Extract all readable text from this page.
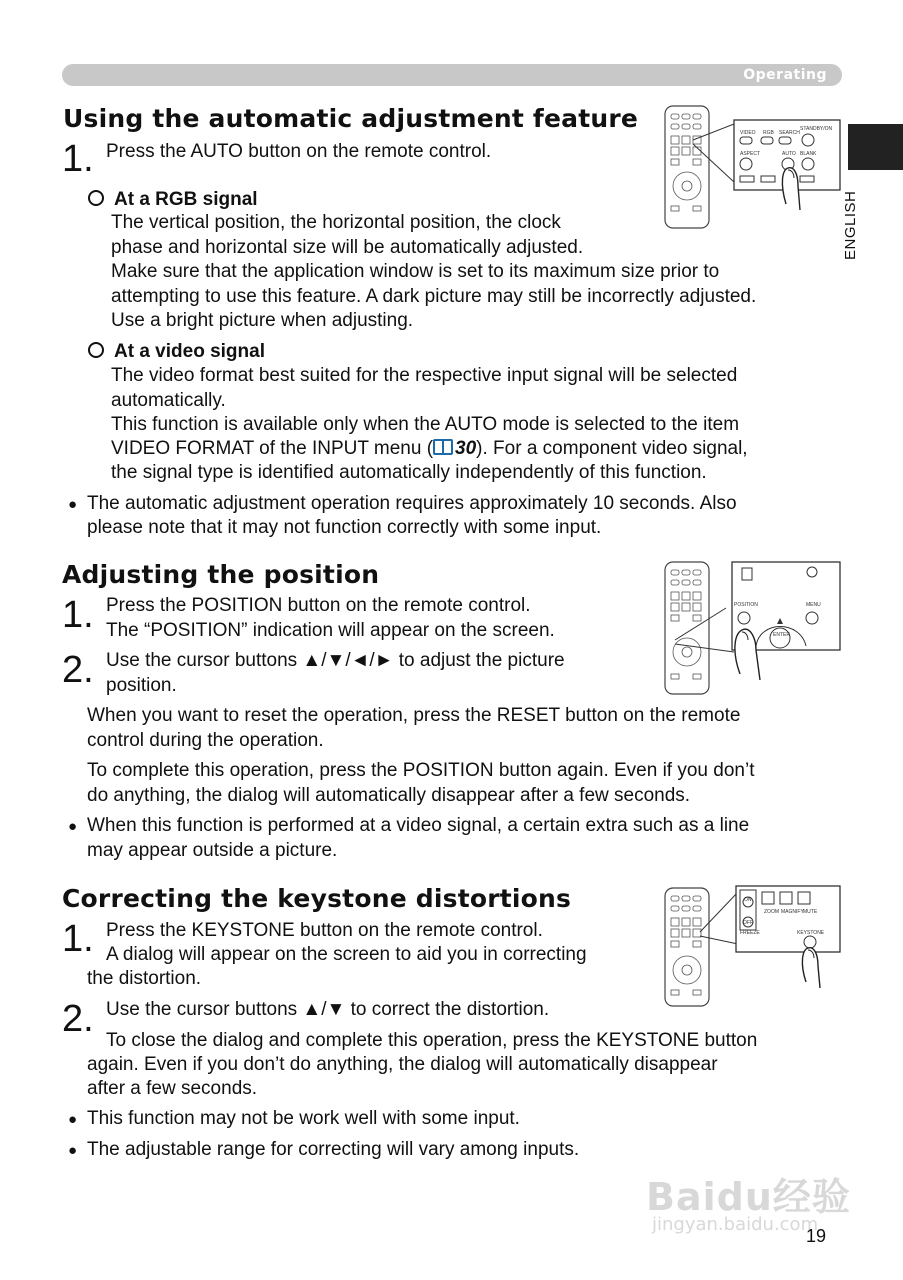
Operating
ENGLISH
Using the automatic adjustment feature
1. Press the AUTO button on the remote control.
At a RGB signal
The vertical position, the horizontal position, the clock
phase and horizontal size will be automatically adjusted.
Make sure that the application window is set to its maximum size prior to
attempting to use this feature. A dark picture may still be incorrectly adjusted.
Use a bright picture when adjusting.
At a video signal
The video format best suited for the respective input signal will be selected
automatically.
This function is available only when the AUTO mode is selected to the item
VIDEO FORMAT of the INPUT menu ( 30). For a component video signal,
the signal type is identified automatically independently of this function.
● The automatic adjustment operation requires approximately 10 seconds. Also
please note that it may not function correctly with some input.
Adjusting the position
1. Press the POSITION button on the remote control.
The “POSITION” indication will appear on the screen.
2. Use the cursor buttons ▲/▼/◄/► to adjust the picture
position.
When you want to reset the operation, press the RESET button on the remote
control during the operation.
To complete this operation, press the POSITION button again. Even if you don’t
do anything, the dialog will automatically disappear after a few seconds.
● When this function is performed at a video signal, a certain extra such as a line
may appear outside a picture.
Correcting the keystone distortions
1. Press the KEYSTONE button on the remote control.
A dialog will appear on the screen to aid you in correcting
the distortion.
2. Use the cursor buttons ▲/▼ to correct the distortion.
To close the dialog and complete this operation, press the KEYSTONE button
again. Even if you don’t do anything, the dialog will automatically disappear
after a few seconds.
● This function may not be work well with some input.
● The adjustable range for correcting will vary among inputs.
VIDEO RGB SEARCH
STANDBY/ON
ASPECT	AUTO BLANK
POSITION	MENU
ENTER
ON
OFF
ZOOM
FREEZE	KEYSTONE
MAGNIFY MUTE
Baidu经验
jingyan.baidu.com
19
